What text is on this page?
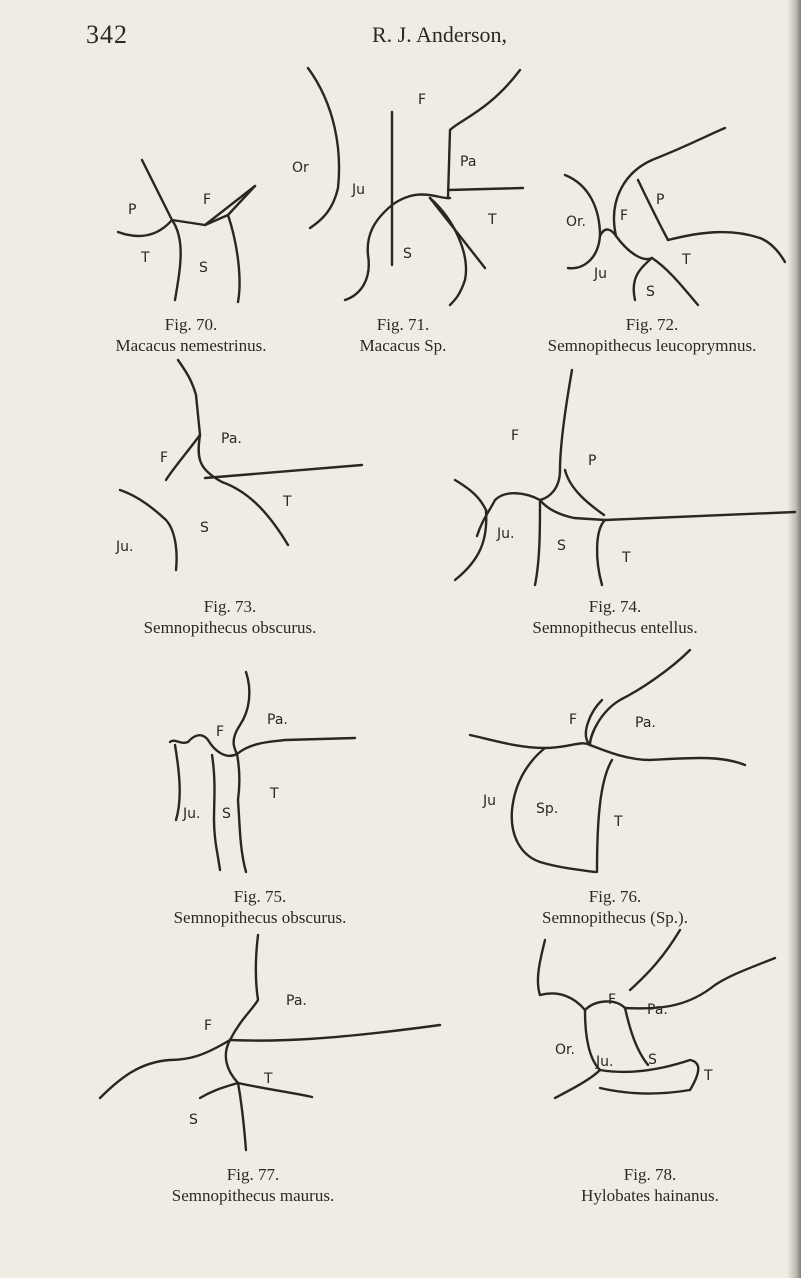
342	R. J. Anderson,
P
F
T
S
F
Or
Ju
Pa
T
S
Or. F
P
Ju
T
S
F
Pa.
T
S
Ju.
F
P
Ju.
S
T
F
Pa.
T
Ju. S
F	Pa.
Ju	Sp.
T
F
Pa.
T
S
F
Pa.
Or.
Ju. S
T
Fig. 70.
Macacus nemestrinus.
Fig. 71.
Macacus Sp.
Fig. 72.
Semnopithecus leucoprymnus.
Fig. 73.
Semnopithecus obscurus.
Fig. 74.
Semnopithecus entellus.
Fig. 75.
Semnopithecus obscurus.
Fig. 76.
Semnopithecus (Sp.).
Fig. 77.
Semnopithecus maurus.
Fig. 78.
Hylobates hainanus.
